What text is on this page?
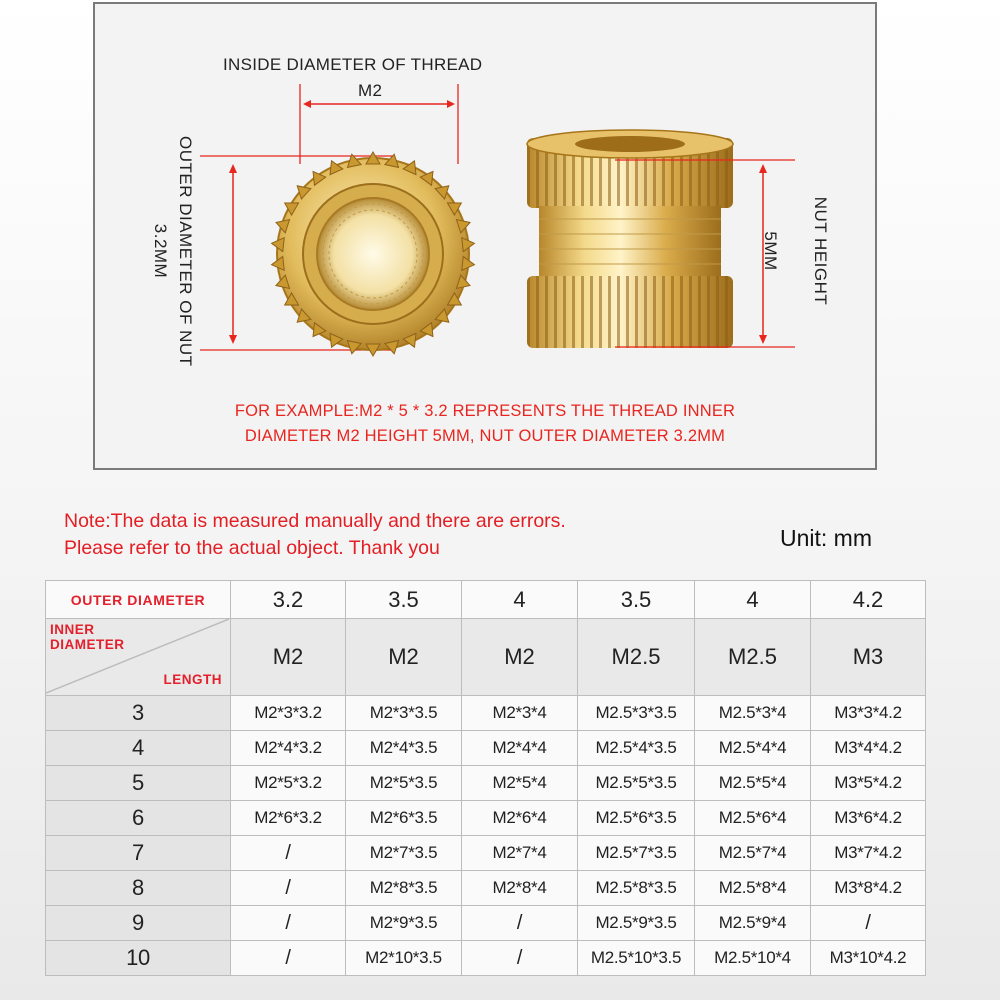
INSIDE DIAMETER OF THREAD
M2
OUTER DIAMETER OF NUT
3.2MM	NUT HEIGHT
5MM
FOR EXAMPLE:M2 * 5 * 3.2 REPRESENTS THE THREAD INNER
DIAMETER M2 HEIGHT 5MM, NUT OUTER DIAMETER 3.2MM
Note:The data is measured manually and there are errors.
Please refer to the actual object. Thank you	Unit: mm
OUTER DIAMETER	3.2	3.5	4	3.5	4	4.2

INNER
DIAMETER
LENGTH	M2	M2	M2	M2.5	M2.5	M3
3	M2*3*3.2	M2*3*3.5	M2*3*4	M2.5*3*3.5	M2.5*3*4	M3*3*4.2
4	M2*4*3.2	M2*4*3.5	M2*4*4	M2.5*4*3.5	M2.5*4*4	M3*4*4.2
5	M2*5*3.2	M2*5*3.5	M2*5*4	M2.5*5*3.5	M2.5*5*4	M3*5*4.2
6	M2*6*3.2	M2*6*3.5	M2*6*4	M2.5*6*3.5	M2.5*6*4	M3*6*4.2
7	/	M2*7*3.5	M2*7*4	M2.5*7*3.5	M2.5*7*4	M3*7*4.2
8	/	M2*8*3.5	M2*8*4	M2.5*8*3.5	M2.5*8*4	M3*8*4.2
9	/	M2*9*3.5	/	M2.5*9*3.5	M2.5*9*4	/
10	/	M2*10*3.5	/	M2.5*10*3.5	M2.5*10*4	M3*10*4.2
